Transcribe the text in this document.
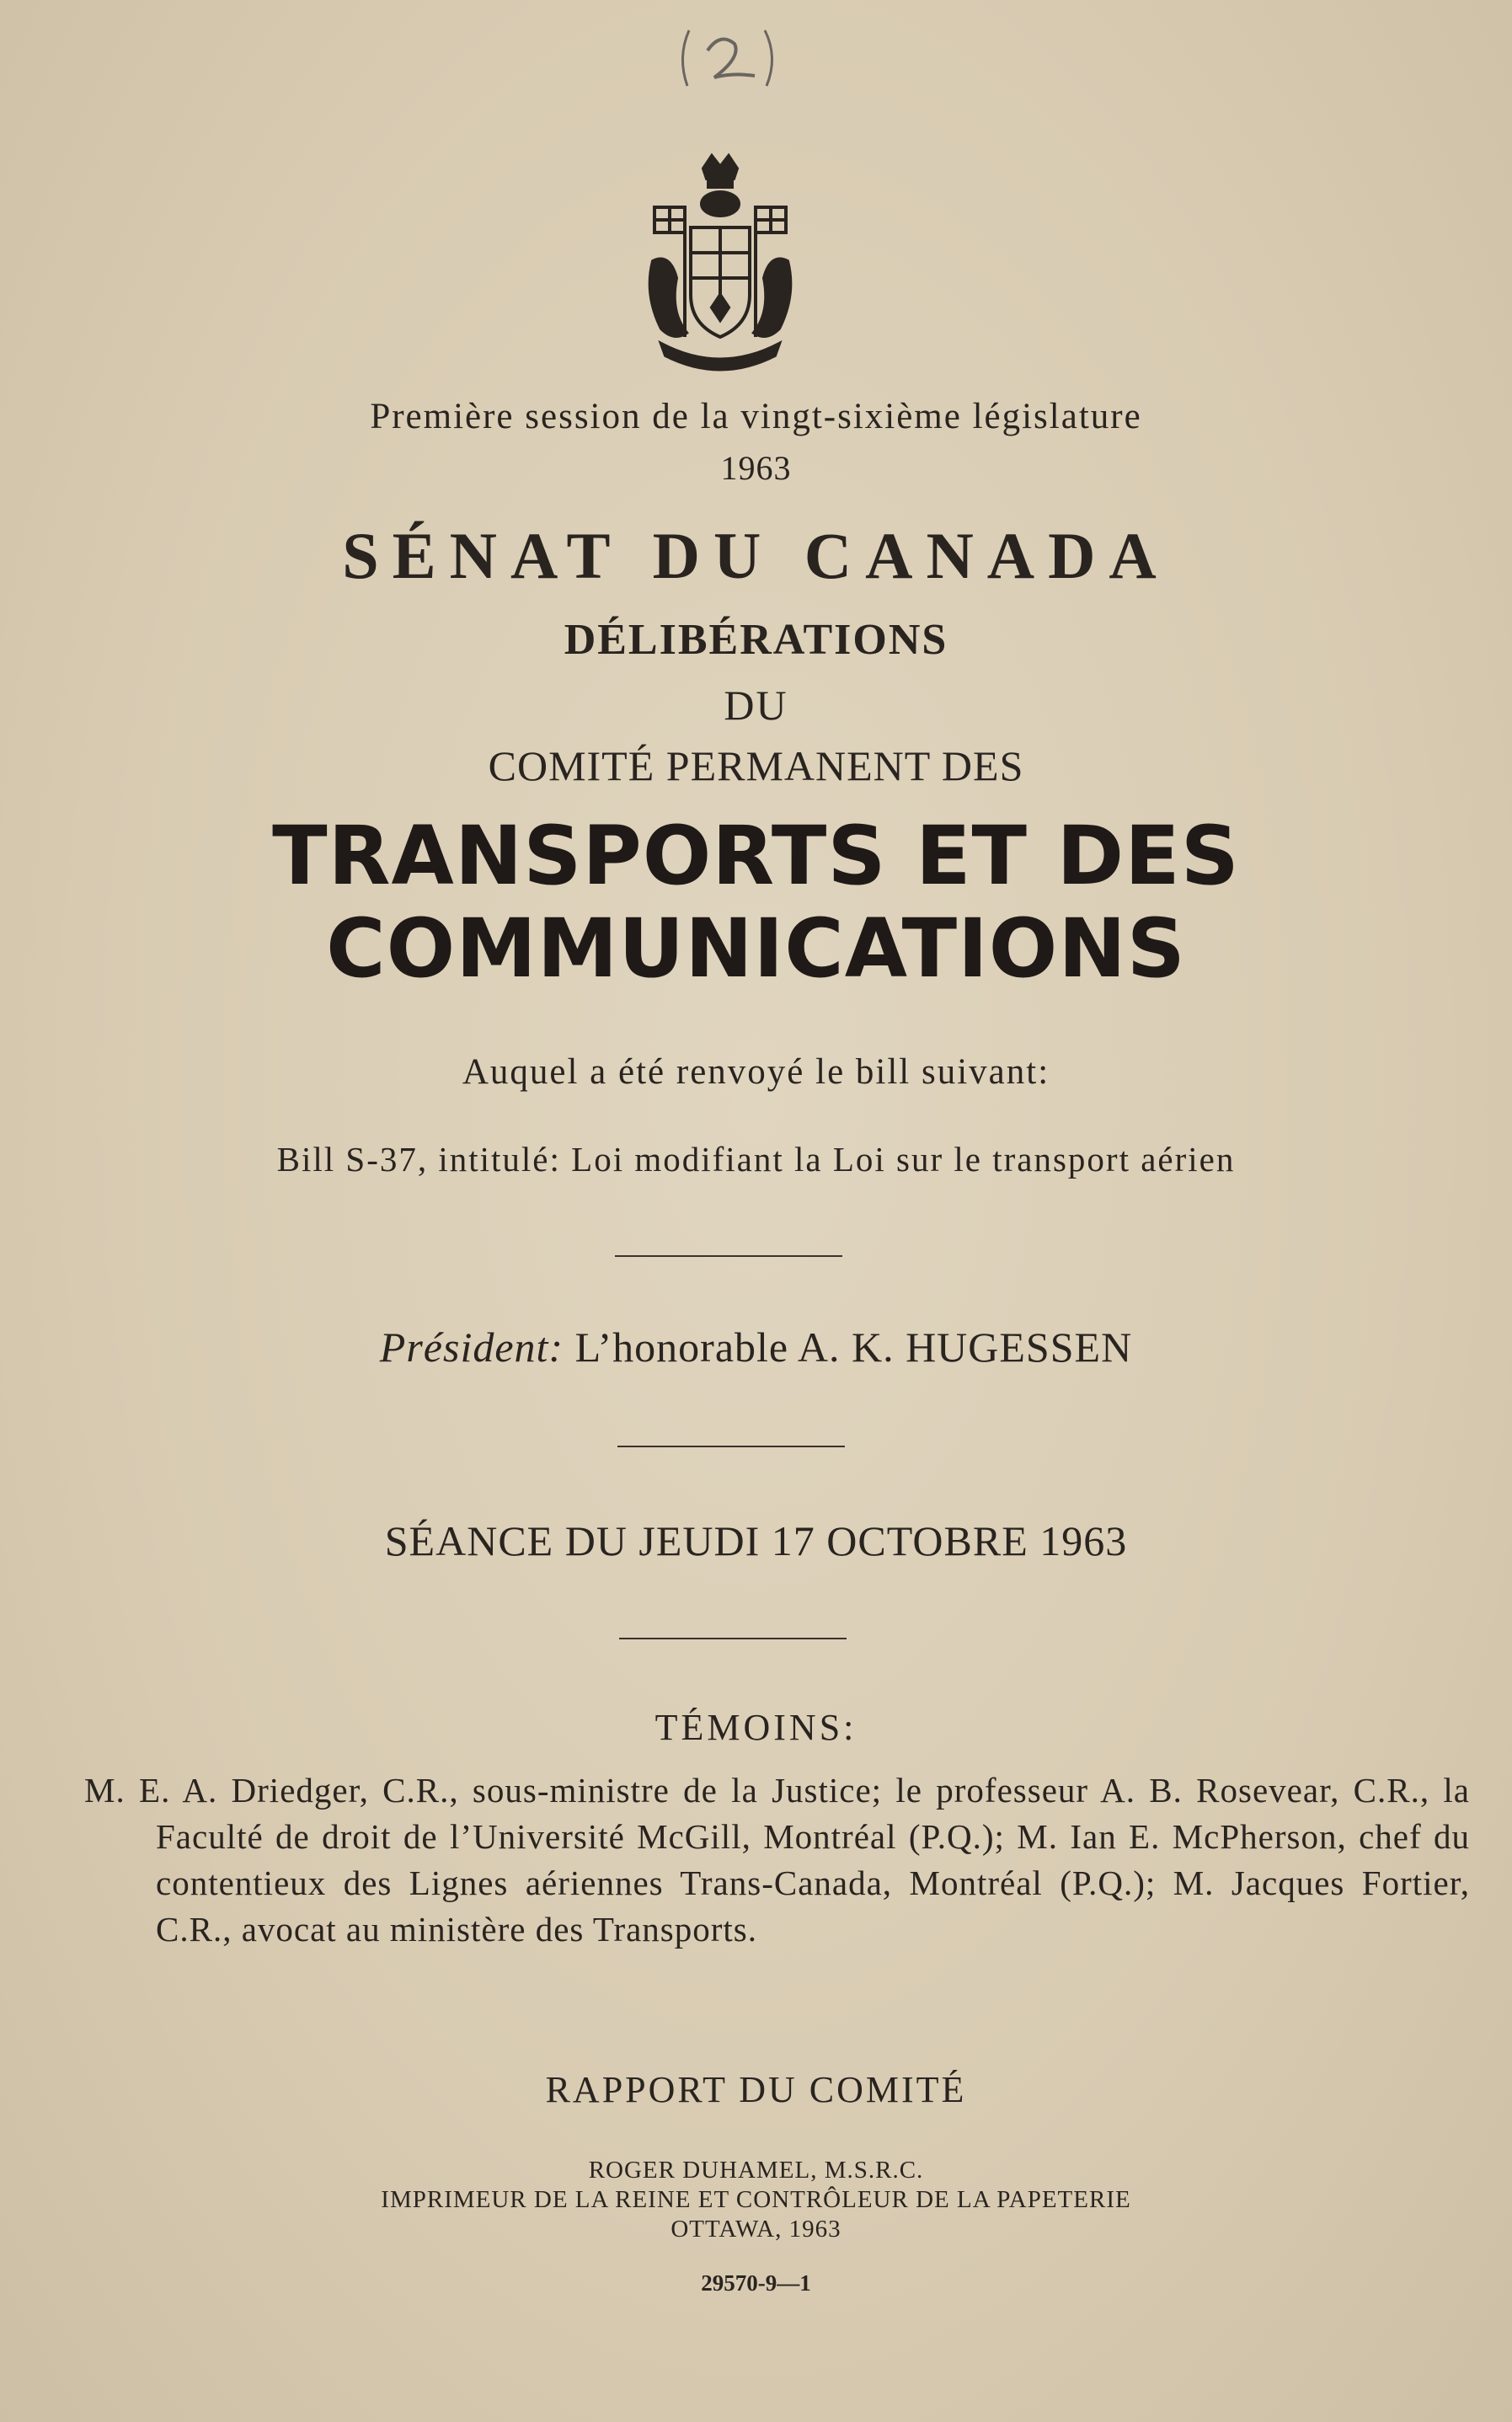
Première session de la vingt-sixième législature
1963
SÉNAT DU CANADA
DÉLIBÉRATIONS
DU
COMITÉ PERMANENT DES
TRANSPORTS ET DES
COMMUNICATIONS
Auquel a été renvoyé le bill suivant:
Bill S-37, intitulé: Loi modifiant la Loi sur le transport aérien
Président: L’honorable A. K. HUGESSEN
SÉANCE DU JEUDI 17 OCTOBRE 1963
TÉMOINS:
M. E. A. Driedger, C.R., sous-ministre de la Justice; le professeur A. B. Rosevear, C.R., la Faculté de droit de l’Université McGill, Montréal (P.Q.); M. Ian E. McPherson, chef du contentieux des Lignes aériennes Trans-Canada, Montréal (P.Q.); M. Jacques Fortier, C.R., avocat au ministère des Transports.
RAPPORT DU COMITÉ
ROGER DUHAMEL, M.S.R.C.
IMPRIMEUR DE LA REINE ET CONTRÔLEUR DE LA PAPETERIE
OTTAWA, 1963
29570-9—1
